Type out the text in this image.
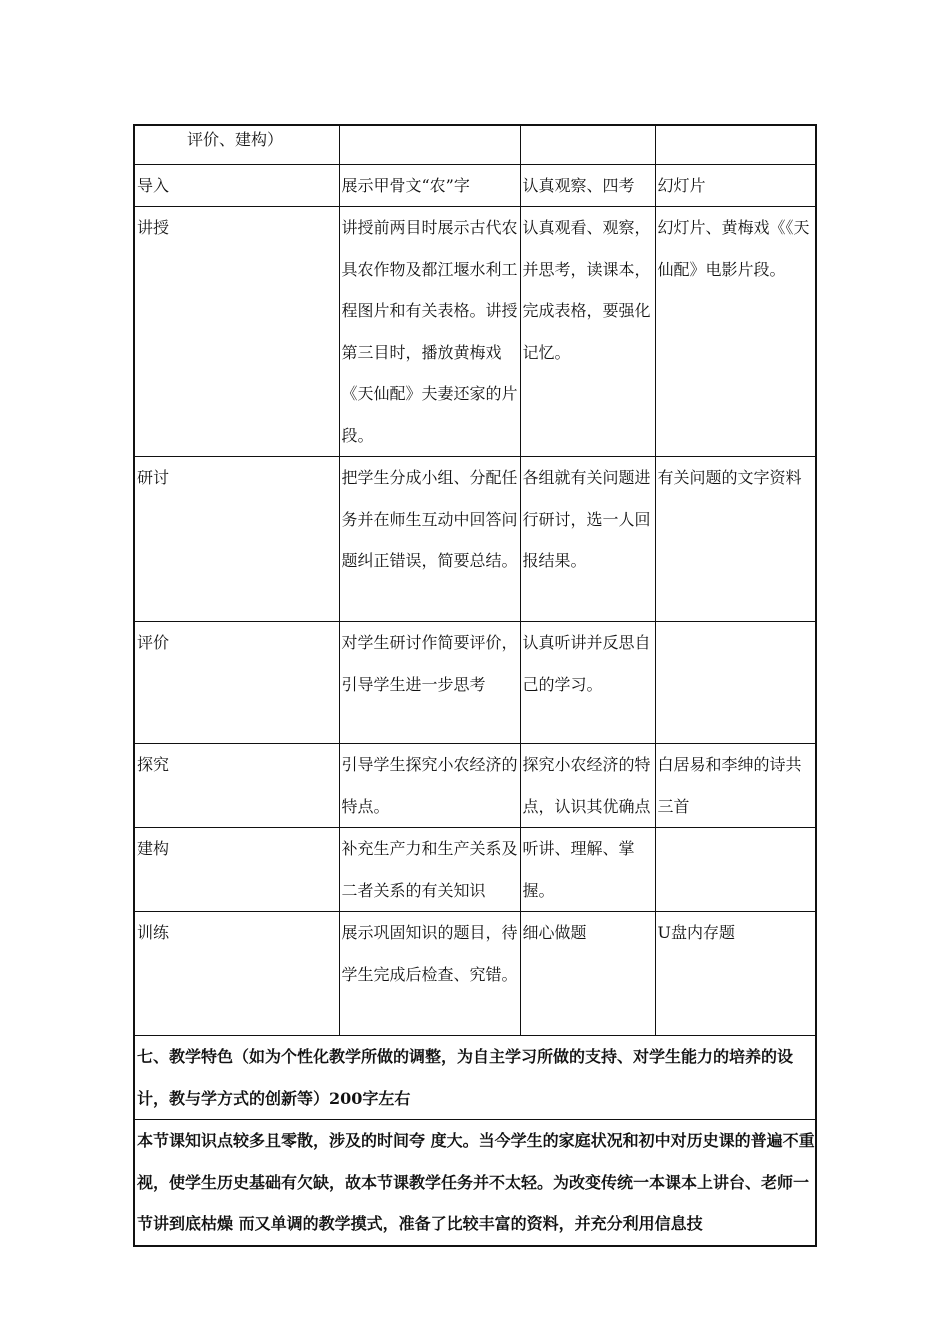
评价、建构）			
导入	展示甲骨文“农”字	认真观察、四考	幻灯片
讲授	讲授前两目时展示古代农具农作物及都江堰水利工程图片和有关表格。讲授第三目时，播放黄梅戏《天仙配》夫妻还家的片段。	认真观看、观察，并思考，读课本，完成表格，要强化记忆。	幻灯片、黄梅戏《《天仙配》电影片段。

研讨	把学生分成小组、分配任务并在师生互动中回答问题纠正错误，简要总结。	各组就有关问题进行研讨，选一人回报结果。	有关问题的文字资料

评价	对学生研讨作简要评价，引导学生进一步思考	认真听讲并反思自己的学习。	

探究	引导学生探究小农经济的特点。	探究小农经济的特点，认识其优确点	白居易和李绅的诗共三首

建构	补充生产力和生产关系及二者关系的有关知识	听讲、理解、掌握。	

训练	展示巩固知识的题目，待学生完成后检查、究错。	细心做题	U盘内存题

七、教学特色（如为个性化教学所做的调整，为自主学习所做的支持、对学生能力的培养的设计，教与学方式的创新等）200字左右			

本节课知识点较多且零散，涉及的时间夸 度大。当今学生的家庭状况和初中对历史课的普遍不重视，使学生历史基础有欠缺，故本节课教学任务并不太轻。为改变传统一本课本上讲台、老师一节讲到底枯燥 而又单调的教学摸式，准备了比较丰富的资料，并充分利用信息技			
